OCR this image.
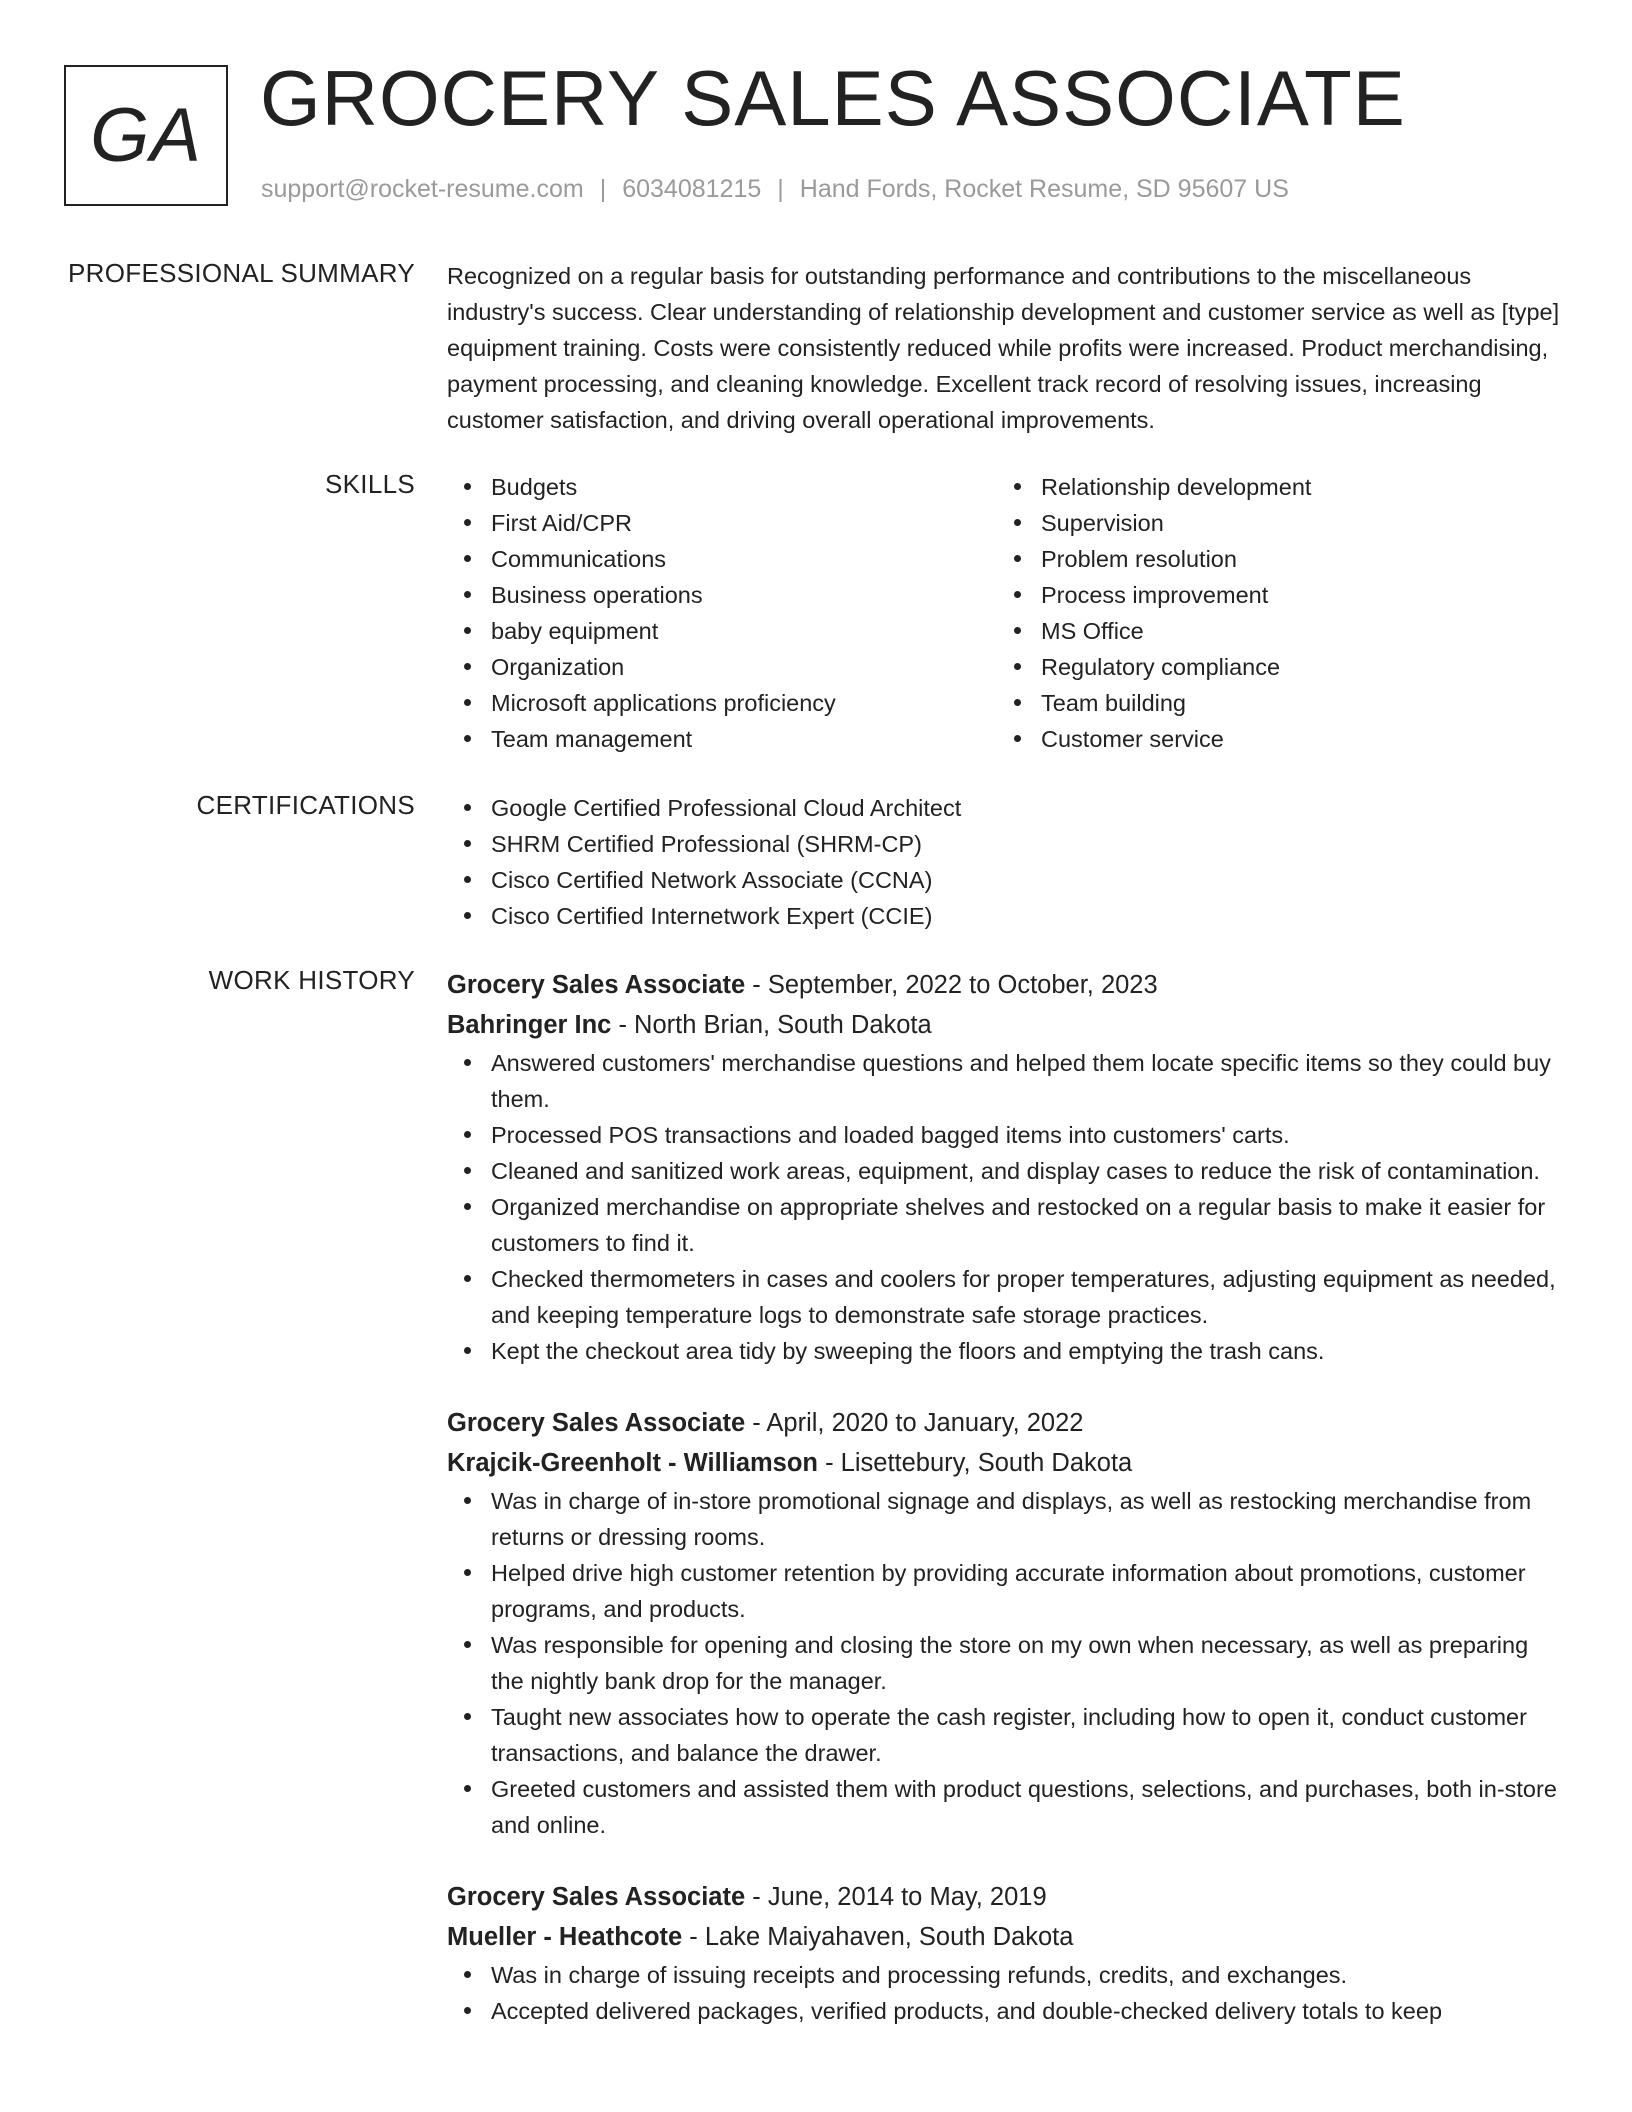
GA GROCERY SALES ASSOCIATE
support@rocket-resume.com | 6034081215 | Hand Fords, Rocket Resume, SD 95607 US
PROFESSIONAL SUMMARY Recognized on a regular basis for outstanding performance and contributions to the miscellaneous industry's success. Clear understanding of relationship development and customer service as well as [type] equipment training. Costs were consistently reduced while profits were increased. Product merchandising, payment processing, and cleaning knowledge. Excellent track record of resolving issues, increasing customer satisfaction, and driving overall operational improvements.

SKILLS	Budgets
First Aid/CPR
Communications
Business operations
baby equipment
Organization
Microsoft applications proficiency
Team management
Relationship development
Supervision
Problem resolution
Process improvement
MS Office
Regulatory compliance
Team building
Customer service
CERTIFICATIONS	Google Certified Professional Cloud Architect
SHRM Certified Professional (SHRM-CP)
Cisco Certified Network Associate (CCNA)
Cisco Certified Internetwork Expert (CCIE)
WORK HISTORY Grocery Sales Associate - September, 2022 to October, 2023
Bahringer Inc - North Brian, South Dakota
Answered customers' merchandise questions and helped them locate specific items so they could buy them.
Processed POS transactions and loaded bagged items into customers' carts.
Cleaned and sanitized work areas, equipment, and display cases to reduce the risk of contamination.
Organized merchandise on appropriate shelves and restocked on a regular basis to make it easier for customers to find it.
Checked thermometers in cases and coolers for proper temperatures, adjusting equipment as needed, and keeping temperature logs to demonstrate safe storage practices.
Kept the checkout area tidy by sweeping the floors and emptying the trash cans.
Grocery Sales Associate - April, 2020 to January, 2022
Krajcik-Greenholt - Williamson - Lisettebury, South Dakota
Was in charge of in-store promotional signage and displays, as well as restocking merchandise from returns or dressing rooms.
Helped drive high customer retention by providing accurate information about promotions, customer programs, and products.
Was responsible for opening and closing the store on my own when necessary, as well as preparing the nightly bank drop for the manager.
Taught new associates how to operate the cash register, including how to open it, conduct customer transactions, and balance the drawer.
Greeted customers and assisted them with product questions, selections, and purchases, both in-store and online.
Grocery Sales Associate - June, 2014 to May, 2019
Mueller - Heathcote - Lake Maiyahaven, South Dakota
Was in charge of issuing receipts and processing refunds, credits, and exchanges.
Accepted delivered packages, verified products, and double-checked delivery totals to keep
